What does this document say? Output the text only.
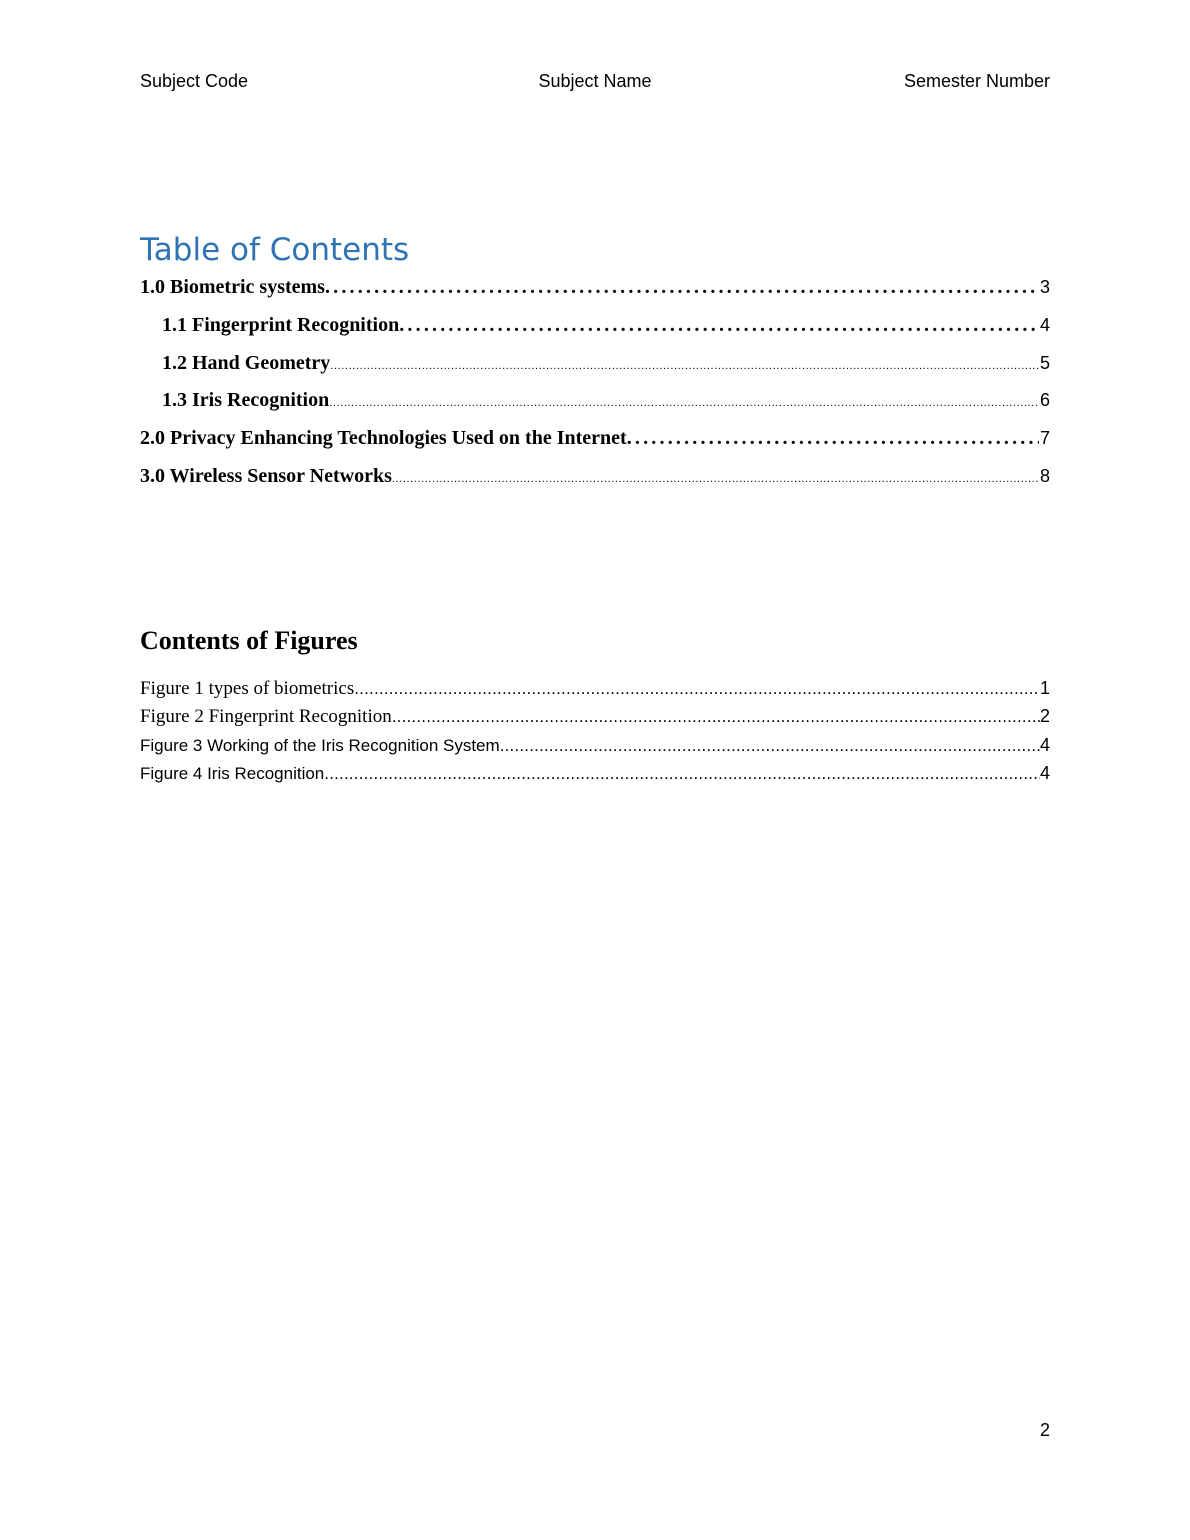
Subject Code	Subject Name	Semester Number
Table of Contents
1.0 Biometric systems .....	3
1.1 Fingerprint Recognition .....	4
1.2 Hand Geometry .....	5
1.3 Iris Recognition .....	6
2.0 Privacy Enhancing Technologies Used on the Internet .....	7
3.0 Wireless Sensor Networks .....	8
Contents of Figures
Figure 1 types of biometrics .....	1
Figure 2 Fingerprint Recognition .....	2
Figure 3 Working of the Iris Recognition System .....	4
Figure 4 Iris Recognition .....	4
2
